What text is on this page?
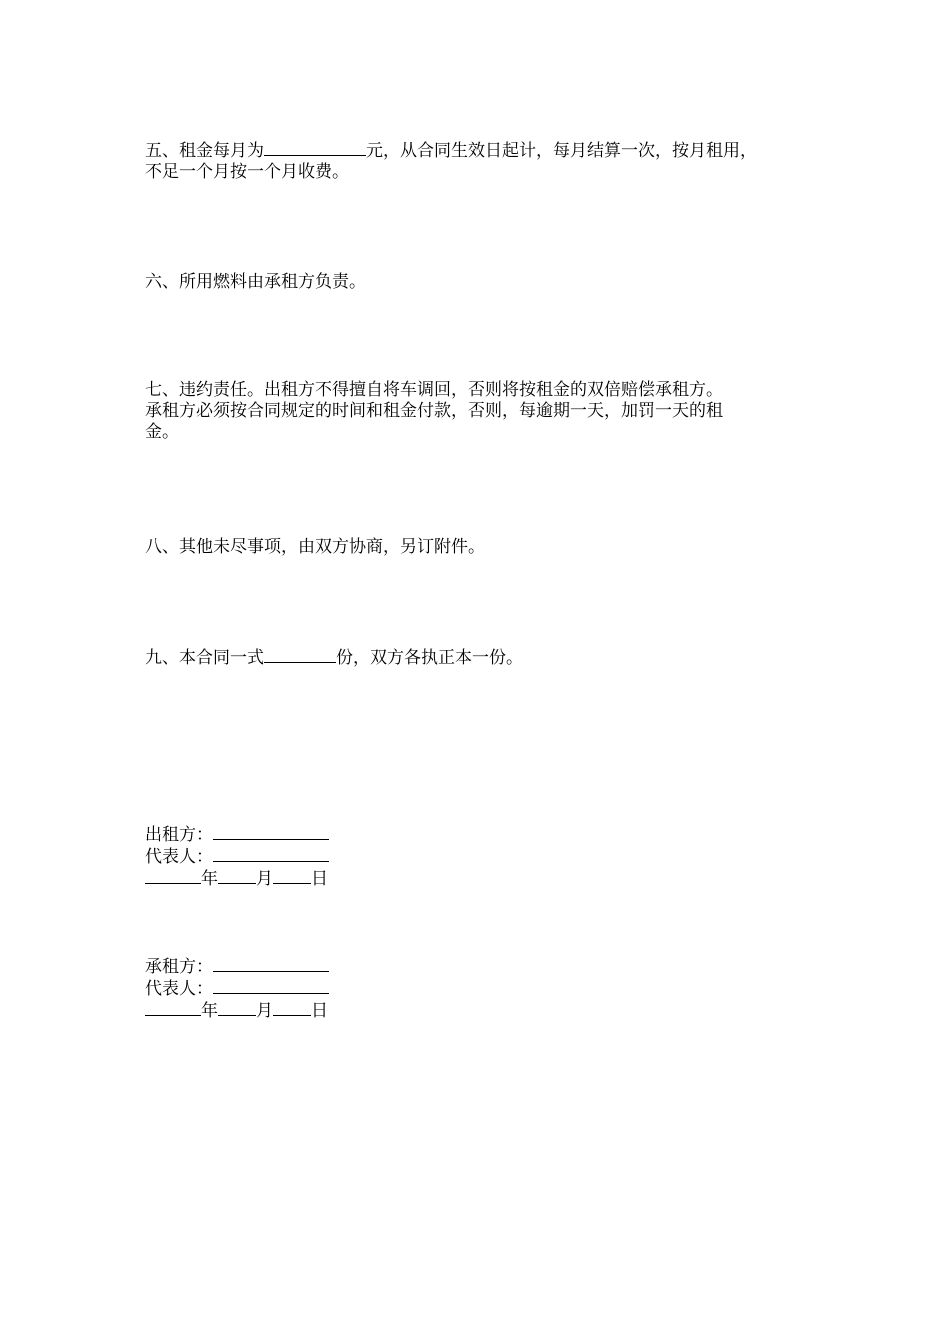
五、租金每月为	元，从合同生效日起计，每月结算一次，按月租用，
不足一个月按一个月收费。
六、所用燃料由承租方负责。
七、违约责任。出租方不得擅自将车调回，否则将按租金的双倍赔偿承租方。
承租方必须按合同规定的时间和租金付款，否则，每逾期一天，加罚一天的租
金。
八、其他未尽事项，由双方协商，另订附件。
九、本合同一式	份，双方各执正本一份。
出租方：
代表人：
年 月 日
承租方：
代表人：
年 月 日
